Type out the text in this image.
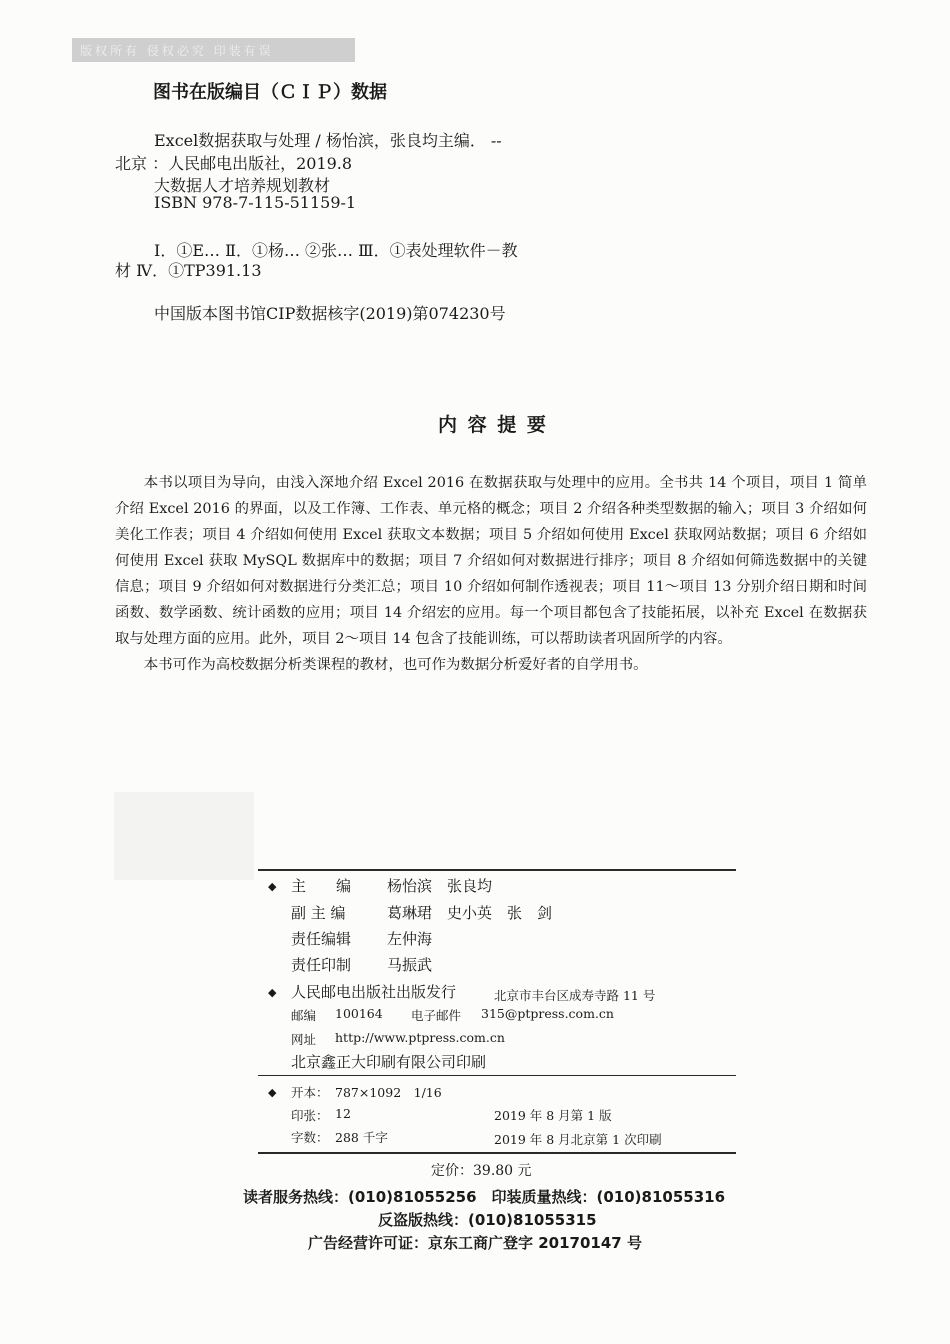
版权所有 侵权必究 印装有误
图书在版编目（ＣＩＰ）数据
Excel数据获取与处理 / 杨怡滨，张良均主编． --
北京 ：人民邮电出版社，2019.8
大数据人才培养规划教材
ISBN 978-7-115-51159-1
Ⅰ．①E… Ⅱ．①杨… ②张… Ⅲ．①表处理软件－教
材 Ⅳ．①TP391.13
中国版本图书馆CIP数据核字(2019)第074230号
内 容 提 要

本书以项目为导向，由浅入深地介绍 Excel 2016 在数据获取与处理中的应用。全书共 14 个项目，项目 1 简单介绍 Excel 2016 的界面，以及工作簿、工作表、单元格的概念；项目 2 介绍各种类型数据的输入；项目 3 介绍如何美化工作表；项目 4 介绍如何使用 Excel 获取文本数据；项目 5 介绍如何使用 Excel 获取网站数据；项目 6 介绍如何使用 Excel 获取 MySQL 数据库中的数据；项目 7 介绍如何对数据进行排序；项目 8 介绍如何筛选数据中的关键信息；项目 9 介绍如何对数据进行分类汇总；项目 10 介绍如何制作透视表；项目 11～项目 13 分别介绍日期和时间函数、数学函数、统计函数的应用；项目 14 介绍宏的应用。每一个项目都包含了技能拓展，以补充 Excel 在数据获取与处理方面的应用。此外，项目 2～项目 14 包含了技能训练，可以帮助读者巩固所学的内容。

本书可作为高校数据分析类课程的教材，也可作为数据分析爱好者的自学用书。

◆ 主　　编 杨怡滨　张良均
副 主 编	葛琳珺　史小英　张　剑
责任编辑 左仲海
责任印制 马振武
◆ 人民邮电出版社出版发行	北京市丰台区成寿寺路 11 号
邮编 100164 电子邮件 315@ptpress.com.cn
网址 http://www.ptpress.com.cn
北京鑫正大印刷有限公司印刷
◆ 开本： 787×1092　1/16
印张： 12	2019 年 8 月第 1 版
字数： 288 千字	2019 年 8 月北京第 1 次印刷
定价：39.80 元
读者服务热线：(010)81055256　印装质量热线：(010)81055316
反盗版热线：(010)81055315
广告经营许可证：京东工商广登字 20170147 号
